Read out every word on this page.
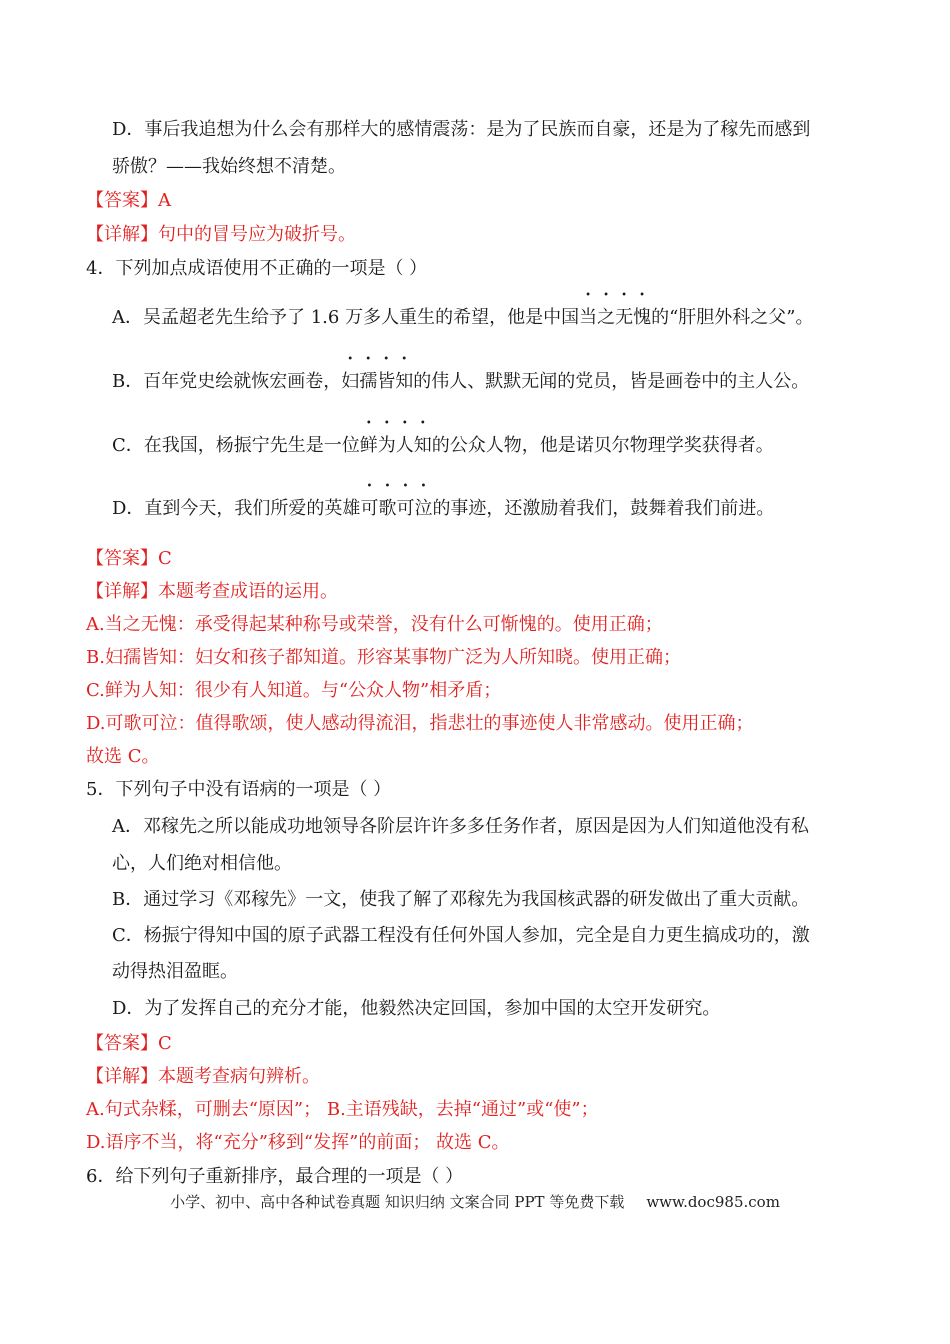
D．事后我追想为什么会有那样大的感情震荡：是为了民族而自豪，还是为了稼先而感到
骄傲？——我始终想不清楚。
【答案】A
【详解】句中的冒号应为破折号。
4．下列加点成语使用不正确的一项是（ ）
A．吴孟超老先生给予了 1.6 万多人重生的希望，他是中国当之无愧的“肝胆外科之父”。
B．百年党史绘就恢宏画卷，妇孺皆知的伟人、默默无闻的党员，皆是画卷中的主人公。
C．在我国，杨振宁先生是一位鲜为人知的公众人物，他是诺贝尔物理学奖获得者。
D．直到今天，我们所爱的英雄可歌可泣的事迹，还激励着我们，鼓舞着我们前进。
【答案】C
【详解】本题考查成语的运用。
A.当之无愧：承受得起某种称号或荣誉，没有什么可惭愧的。使用正确；
B.妇孺皆知：妇女和孩子都知道。形容某事物广泛为人所知晓。使用正确；
C.鲜为人知：很少有人知道。与“公众人物”相矛盾；
D.可歌可泣：值得歌颂，使人感动得流泪，指悲壮的事迹使人非常感动。使用正确；
故选 C。
5．下列句子中没有语病的一项是（ ）
A．邓稼先之所以能成功地领导各阶层许许多多任务作者，原因是因为人们知道他没有私
心，人们绝对相信他。
B．通过学习《邓稼先》一文，使我了解了邓稼先为我国核武器的研发做出了重大贡献。
C．杨振宁得知中国的原子武器工程没有任何外国人参加，完全是自力更生搞成功的，激
动得热泪盈眶。
D．为了发挥自己的充分才能，他毅然决定回国，参加中国的太空开发研究。
【答案】C
【详解】本题考查病句辨析。
A.句式杂糅，可删去“原因”； B.主语残缺，去掉“通过”或“使”；
D.语序不当，将“充分”移到“发挥”的前面； 故选 C。
6．给下列句子重新排序，最合理的一项是（ ）
小学、初中、高中各种试卷真题 知识归纳 文案合同 PPT 等免费下载 www.doc985.com
